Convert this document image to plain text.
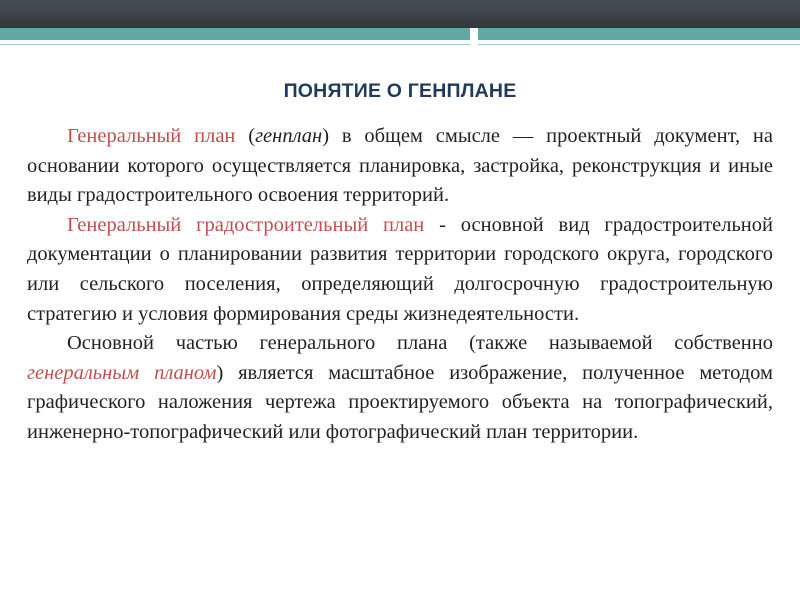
ПОНЯТИЕ О ГЕНПЛАНЕ

Генеральный план (генплан) в общем смысле — проектный документ, на основании которого осуществляется планировка, застройка, реконструкция и иные виды градостроительного освоения территорий.

Генеральный градостроительный план - основной вид градостроительной документации о планировании развития территории городского округа, городского или сельского поселения, определяющий долгосрочную градостроительную стратегию и условия формирования среды жизнедеятельности.

Основной частью генерального плана (также называемой собственно генеральным планом) является масштабное изображение, полученное методом графического наложения чертежа проектируемого объекта на топографический, инженерно-топографический или фотографический план территории.
